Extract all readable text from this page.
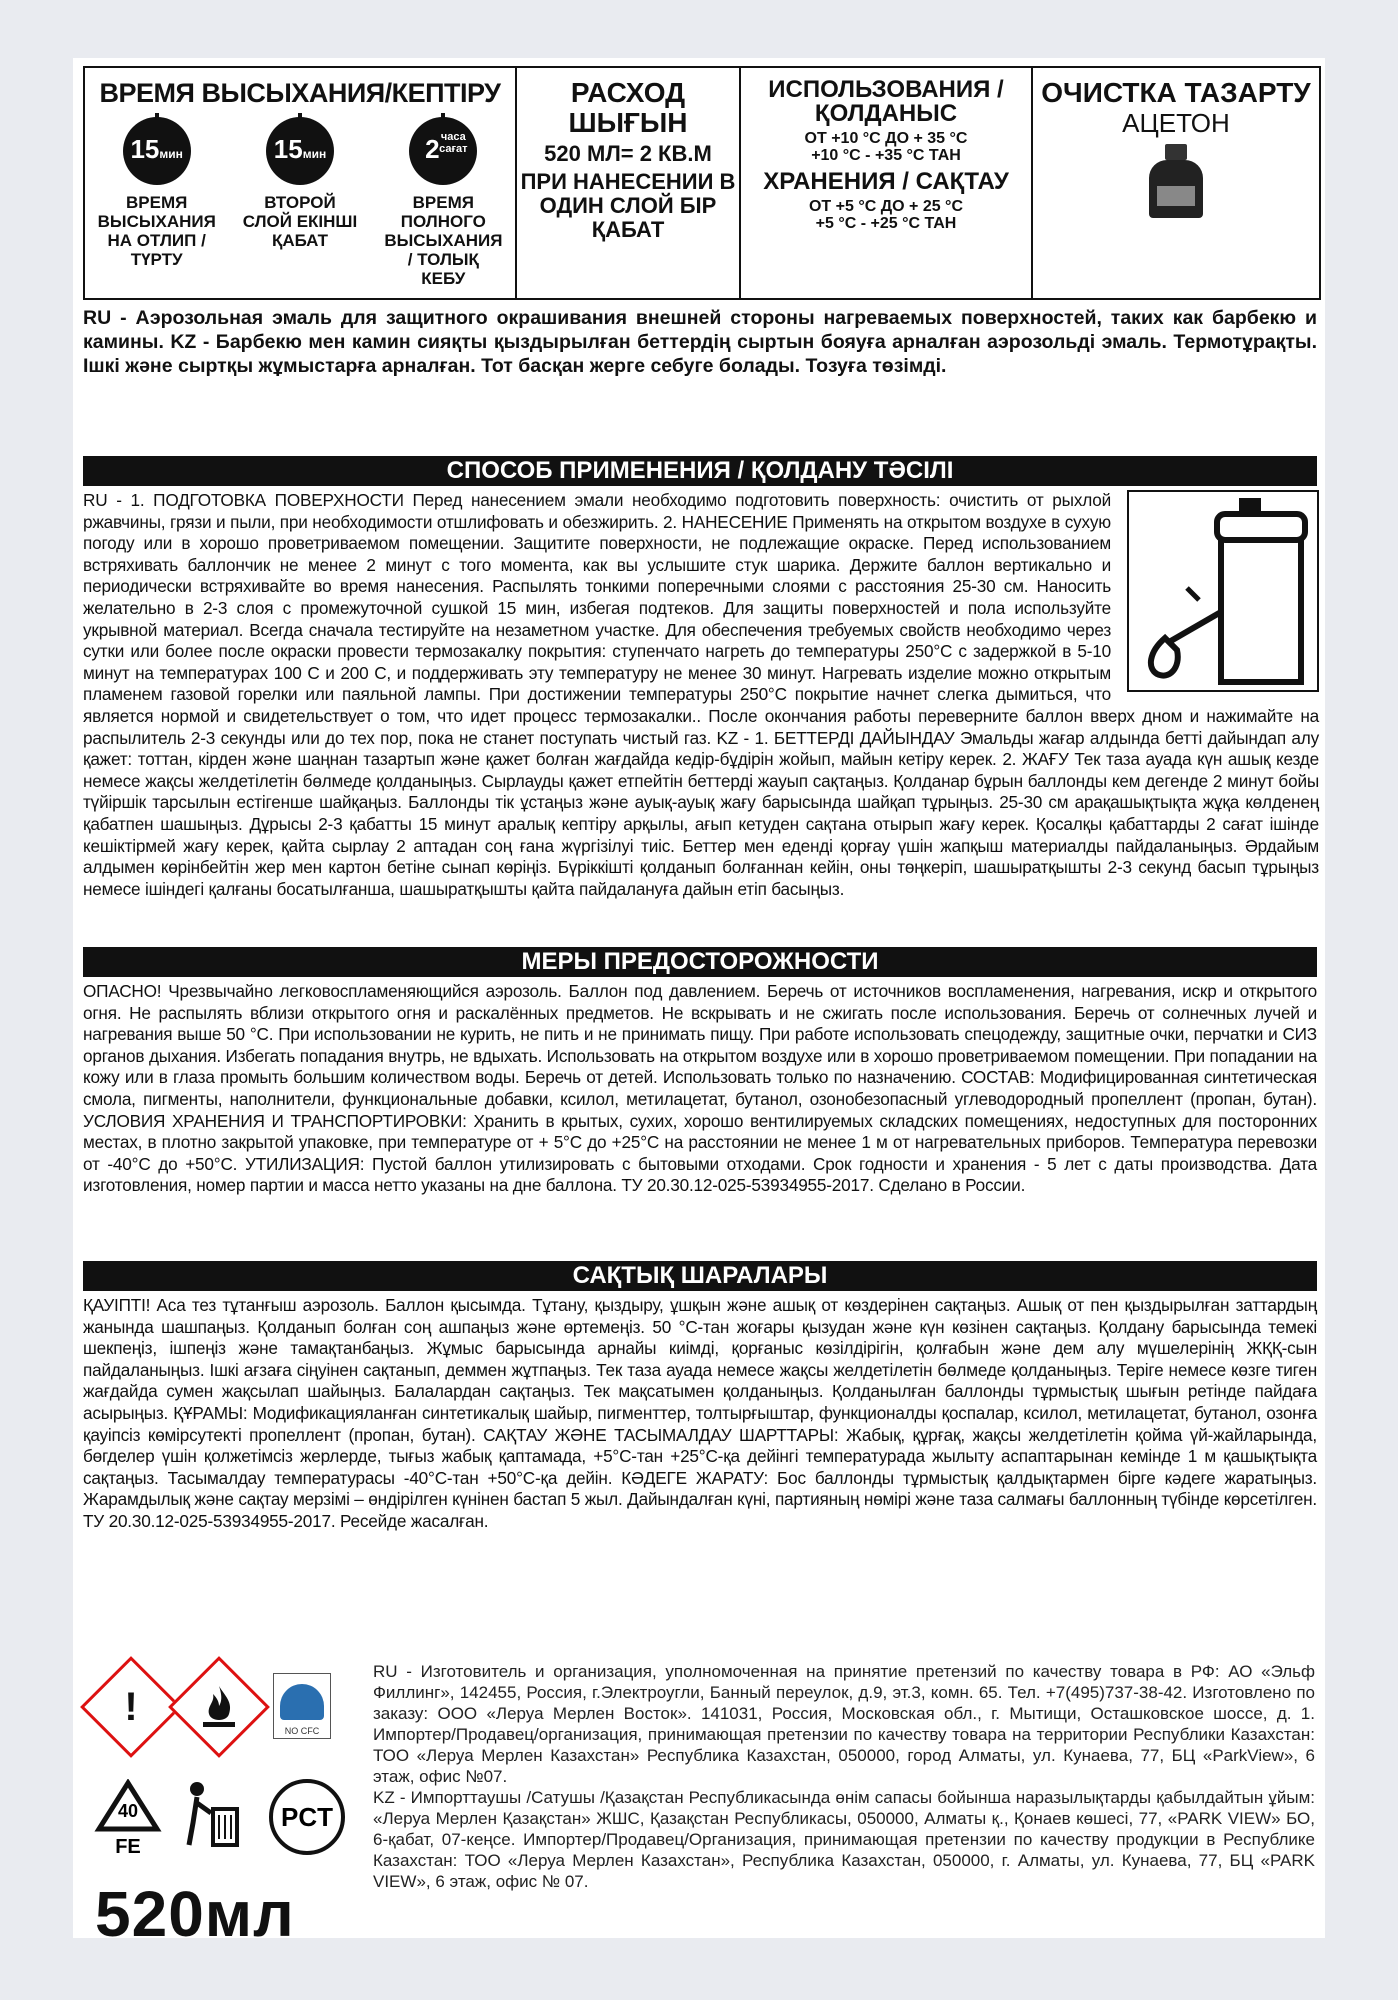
ВРЕМЯ ВЫСЫХАНИЯ/КЕПТІРУ
15мин
ВРЕМЯ ВЫСЫХАНИЯ НА ОТЛИП / ТҮРТУ
15мин
ВТОРОЙ СЛОЙ ЕКІНШІ ҚАБАТ
2 часа сағат
ВРЕМЯ ПОЛНОГО ВЫСЫХАНИЯ / ТОЛЫҚ КЕБУ
РАСХОД ШЫҒЫН
520 МЛ= 2 КВ.М
ПРИ НАНЕСЕНИИ В ОДИН СЛОЙ БІР ҚАБАТ
ИСПОЛЬЗОВАНИЯ / ҚОЛДАНЫС
ОТ +10 °С ДО + 35 °С
+10 °С - +35 °С ТАН
ХРАНЕНИЯ / САҚТАУ
ОТ +5 °С ДО + 25 °С
+5 °С - +25 °С ТАН
ОЧИСТКА ТАЗАРТУ
АЦЕТОН
RU - Аэрозольная эмаль для защитного окрашивания внешней стороны нагреваемых поверхностей, таких как барбекю и камины. KZ - Барбекю мен камин сияқты қыздырылған беттердің сыртын бояуға арналған аэрозольді эмаль. Термотұрақты. Ішкі және сыртқы жұмыстарға арналған. Тот басқан жерге себуге болады. Тозуға төзімді.
СПОСОБ ПРИМЕНЕНИЯ / ҚОЛДАНУ ТӘСІЛІ
RU - 1. ПОДГОТОВКА ПОВЕРХНОСТИ Перед нанесением эмали необходимо подготовить поверхность: очистить от рыхлой ржавчины, грязи и пыли, при необходимости отшлифовать и обезжирить. 2. НАНЕСЕНИЕ Применять на открытом воздухе в сухую погоду или в хорошо проветриваемом помещении. Защитите поверхности, не подлежащие окраске. Перед использованием встряхивать баллончик не менее 2 минут с того момента, как вы услышите стук шарика. Держите баллон вертикально и периодически встряхивайте во время нанесения. Распылять тонкими поперечными слоями с расстояния 25-30 см. Наносить желательно в 2-3 слоя с промежуточной сушкой 15 мин, избегая подтеков. Для защиты поверхностей и пола используйте укрывной материал. Всегда сначала тестируйте на незаметном участке. Для обеспечения требуемых свойств необходимо через сутки или более после окраски провести термозакалку покрытия: ступенчато нагреть до температуры 250°С с задержкой в 5-10 минут на температурах 100 С и 200 С, и поддерживать эту температуру не менее 30 минут. Нагревать изделие можно открытым пламенем газовой горелки или паяльной лампы. При достижении температуры 250°С покрытие начнет слегка дымиться, что является нормой и свидетельствует о том, что идет процесс термозакалки.. После окончания работы переверните баллон вверх дном и нажимайте на распылитель 2-3 секунды или до тех пор, пока не станет поступать чистый газ. KZ - 1. БЕТТЕРДІ ДАЙЫНДАУ Эмальды жағар алдында бетті дайындап алу қажет: тоттан, кірден және шаңнан тазартып және қажет болған жағдайда кедір-бұдірін жойып, майын кетіру керек. 2. ЖАҒУ Тек таза ауада күн ашық кезде немесе жақсы желдетілетін бөлмеде қолданыңыз. Сырлауды қажет етпейтін беттерді жауып сақтаңыз. Қолданар бұрын баллонды кем дегенде 2 минут бойы түйіршік тарсылын естігенше шайқаңыз. Баллонды тік ұстаңыз және ауық-ауық жағу барысында шайқап тұрыңыз. 25-30 см арақашықтықта жұқа көлденең қабатпен шашыңыз. Дұрысы 2-3 қабатты 15 минут аралық кептіру арқылы, ағып кетуден сақтана отырып жағу керек. Қосалқы қабаттарды 2 сағат ішінде кешіктірмей жағу керек, қайта сырлау 2 аптадан соң ғана жүргізілуі тиіс. Беттер мен еденді қорғау үшін жапқыш материалды пайдаланыңыз. Әрдайым алдымен көрінбейтін жер мен картон бетіне сынап көріңіз. Бүріккішті қолданып болғаннан кейін, оны төңкеріп, шашыратқышты 2-3 секунд басып тұрыңыз немесе ішіндегі қалғаны босатылғанша, шашыратқышты қайта пайдалануға дайын етіп басыңыз.
МЕРЫ ПРЕДОСТОРОЖНОСТИ
ОПАСНО! Чрезвычайно легковоспламеняющийся аэрозоль. Баллон под давлением. Беречь от источников воспламенения, нагревания, искр и открытого огня. Не распылять вблизи открытого огня и раскалённых предметов. Не вскрывать и не сжигать после использования. Беречь от солнечных лучей и нагревания выше 50 °С. При использовании не курить, не пить и не принимать пищу. При работе использовать спецодежду, защитные очки, перчатки и СИЗ органов дыхания. Избегать попадания внутрь, не вдыхать. Использовать на открытом воздухе или в хорошо проветриваемом помещении. При попадании на кожу или в глаза промыть большим количеством воды. Беречь от детей. Использовать только по назначению. СОСТАВ: Модифицированная синтетическая смола, пигменты, наполнители, функциональные добавки, ксилол, метилацетат, бутанол, озонобезопасный углеводородный пропеллент (пропан, бутан). УСЛОВИЯ ХРАНЕНИЯ И ТРАНСПОРТИРОВКИ: Хранить в крытых, сухих, хорошо вентилируемых складских помещениях, недоступных для посторонних местах, в плотно закрытой упаковке, при температуре от + 5°С до +25°С на расстоянии не менее 1 м от нагревательных приборов. Температура перевозки от -40°С до +50°С. УТИЛИЗАЦИЯ: Пустой баллон утилизировать с бытовыми отходами. Срок годности и хранения - 5 лет с даты производства. Дата изготовления, номер партии и масса нетто указаны на дне баллона. ТУ 20.30.12-025-53934955-2017. Сделано в России.
САҚТЫҚ ШАРАЛАРЫ
ҚАУІПТІ! Аса тез тұтанғыш аэрозоль. Баллон қысымда. Тұтану, қыздыру, ұшқын және ашық от көздерінен сақтаңыз. Ашық от пен қыздырылған заттардың жанында шашпаңыз. Қолданып болған соң ашпаңыз және өртемеңіз. 50 °С-тан жоғары қызудан және күн көзінен сақтаңыз. Қолдану барысында темекі шекпеңіз, ішпеңіз және тамақтанбаңыз. Жұмыс барысында арнайы киімді, қорғаныс көзілдірігін, қолғабын және дем алу мүшелерінің ЖҚҚ-сын пайдаланыңыз. Ішкі ағзаға сіңуінен сақтанып, деммен жұтпаңыз. Тек таза ауада немесе жақсы желдетілетін бөлмеде қолданыңыз. Теріге немесе көзге тиген жағдайда сумен жақсылап шайыңыз. Балалардан сақтаңыз. Тек мақсатымен қолданыңыз. Қолданылған баллонды тұрмыстық шығын ретінде пайдаға асырыңыз. ҚҰРАМЫ: Модификацияланған синтетикалық шайыр, пигменттер, толтырғыштар, функционалды қоспалар, ксилол, метилацетат, бутанол, озонға қауіпсіз көмірсутекті пропеллент (пропан, бутан). САҚТАУ ЖӘНЕ ТАСЫМАЛДАУ ШАРТТАРЫ: Жабық, құрғақ, жақсы желдетілетін қойма үй-жайларында, бөгделер үшін қолжетімсіз жерлерде, тығыз жабық қаптамада, +5°С-тан +25°С-қа дейінгі температурада жылыту аспаптарынан кемінде 1 м қашықтықта сақтаңыз. Тасымалдау температурасы -40°С-тан +50°С-қа дейін. КӘДЕГЕ ЖАРАТУ: Бос баллонды тұрмыстық қалдықтармен бірге кәдеге жаратыңыз. Жарамдылық және сақтау мерзімі – өндірілген күнінен бастап 5 жыл. Дайындалған күні, партияның нөмірі және таза салмағы баллонның түбінде көрсетілген. ТУ 20.30.12-025-53934955-2017. Ресейде жасалған.
!
NO CFC
40
FE
PCT
520мл
RU - Изготовитель и организация, уполномоченная на принятие претензий по качеству товара в РФ: АО «Эльф Филлинг», 142455, Россия, г.Электроугли, Банный переулок, д.9, эт.3, комн. 65. Тел. +7(495)737-38-42. Изготовлено по заказу: ООО «Леруа Мерлен Восток». 141031, Россия, Московская обл., г. Мытищи, Осташковское шоссе, д. 1. Импортер/Продавец/организация, принимающая претензии по качеству товара на территории Республики Казахстан: ТОО «Леруа Мерлен Казахстан» Республика Казахстан, 050000, город Алматы, ул. Кунаева, 77, БЦ «ParkView», 6 этаж, офис №07.
KZ - Импорттаушы /Сатушы /Қазақстан Республикасында өнім сапасы бойынша наразылықтарды қабылдайтын ұйым: «Леруа Мерлен Қазақстан» ЖШС, Қазақстан Республикасы, 050000, Алматы қ., Қонаев көшесі, 77, «PARK VIEW» БО, 6-қабат, 07-кеңсе. Импортер/Продавец/Организация, принимающая претензии по качеству продукции в Республике Казахстан: ТОО «Леруа Мерлен Казахстан», Республика Казахстан, 050000, г. Алматы, ул. Кунаева, 77, БЦ «PARK VIEW», 6 этаж, офис № 07.
